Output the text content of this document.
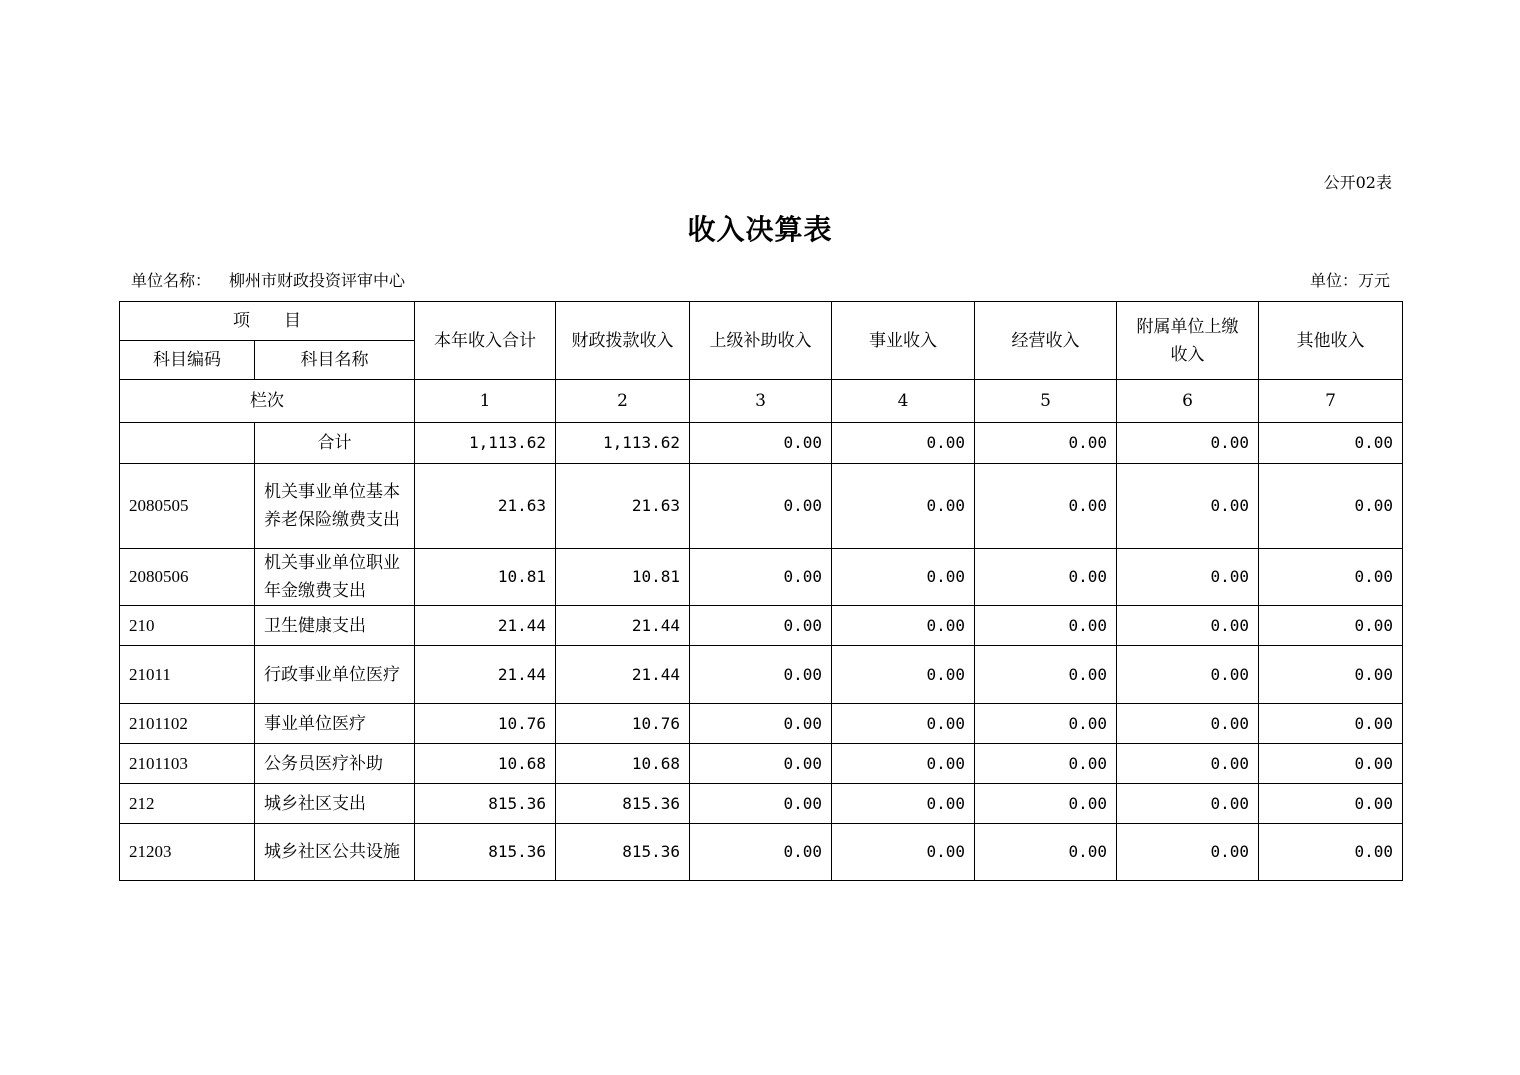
公开02表
收入决算表
单位名称： 柳州市财政投资评审中心	单位：万元
项　　目		本年收入合计	财政拨款收入	上级补助收入	事业收入	经营收入	附属单位上缴收入	其他收入
科目编码	科目名称							
栏次		1	2	3	4	5	6	7
	合计	1,113.62	1,113.62	0.00	0.00	0.00	0.00	0.00
2080505	机关事业单位基本养老保险缴费支出	21.63	21.63	0.00	0.00	0.00	0.00	0.00
2080506	机关事业单位职业年金缴费支出	10.81	10.81	0.00	0.00	0.00	0.00	0.00
210	卫生健康支出	21.44	21.44	0.00	0.00	0.00	0.00	0.00
21011	行政事业单位医疗	21.44	21.44	0.00	0.00	0.00	0.00	0.00
2101102	事业单位医疗	10.76	10.76	0.00	0.00	0.00	0.00	0.00
2101103	公务员医疗补助	10.68	10.68	0.00	0.00	0.00	0.00	0.00
212	城乡社区支出	815.36	815.36	0.00	0.00	0.00	0.00	0.00
21203	城乡社区公共设施	815.36	815.36	0.00	0.00	0.00	0.00	0.00
